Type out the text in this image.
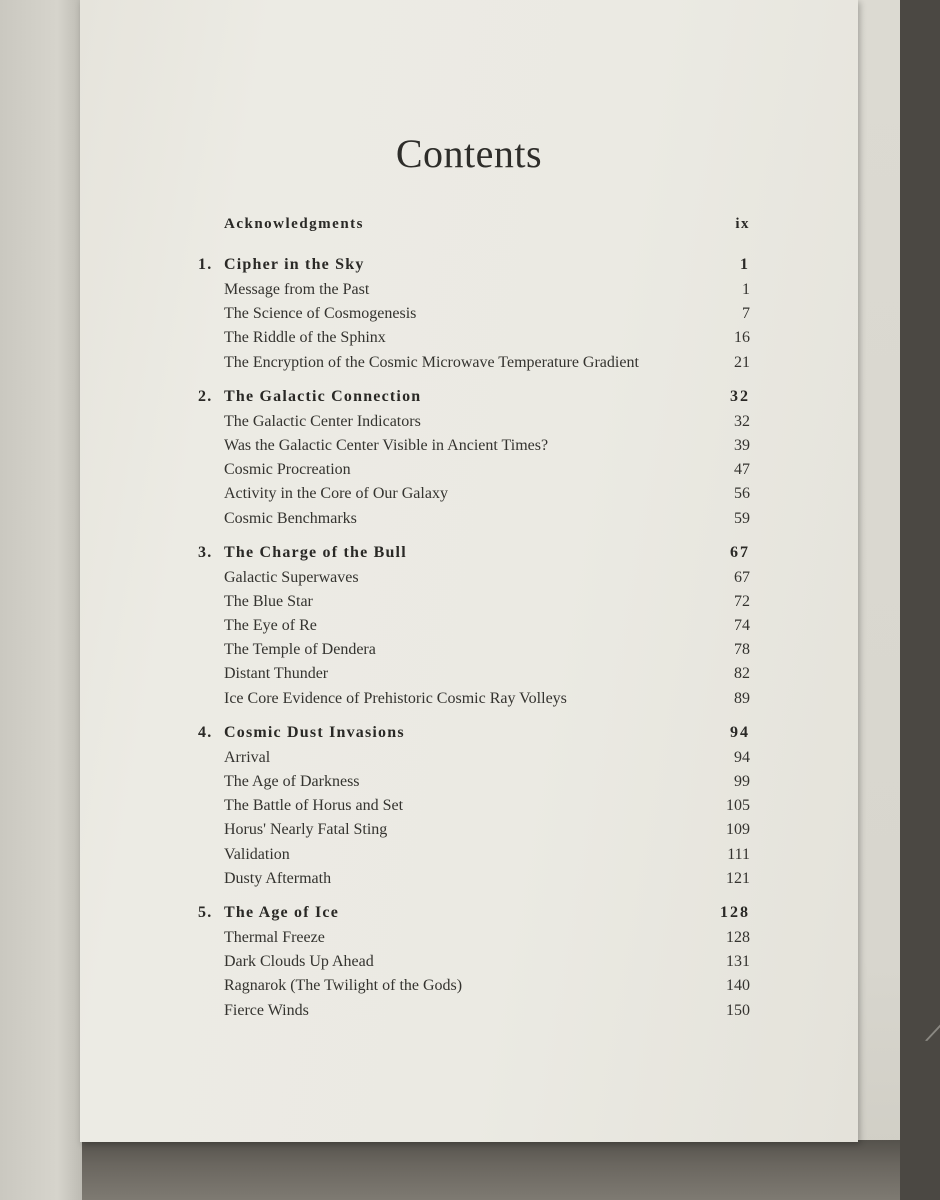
Contents
Acknowledgments	ix
1. Cipher in the Sky	1
Message from the Past	1
The Science of Cosmogenesis	7
The Riddle of the Sphinx	16
The Encryption of the Cosmic Microwave Temperature Gradient	21
2. The Galactic Connection	32
The Galactic Center Indicators	32
Was the Galactic Center Visible in Ancient Times?	39
Cosmic Procreation	47
Activity in the Core of Our Galaxy	56
Cosmic Benchmarks	59
3. The Charge of the Bull	67
Galactic Superwaves	67
The Blue Star	72
The Eye of Re	74
The Temple of Dendera	78
Distant Thunder	82
Ice Core Evidence of Prehistoric Cosmic Ray Volleys	89
4. Cosmic Dust Invasions	94
Arrival	94
The Age of Darkness	99
The Battle of Horus and Set	105
Horus' Nearly Fatal Sting	109
Validation	111
Dusty Aftermath	121
5. The Age of Ice	128
Thermal Freeze	128
Dark Clouds Up Ahead	131
Ragnarok (The Twilight of the Gods)	140
Fierce Winds	150
⁄
